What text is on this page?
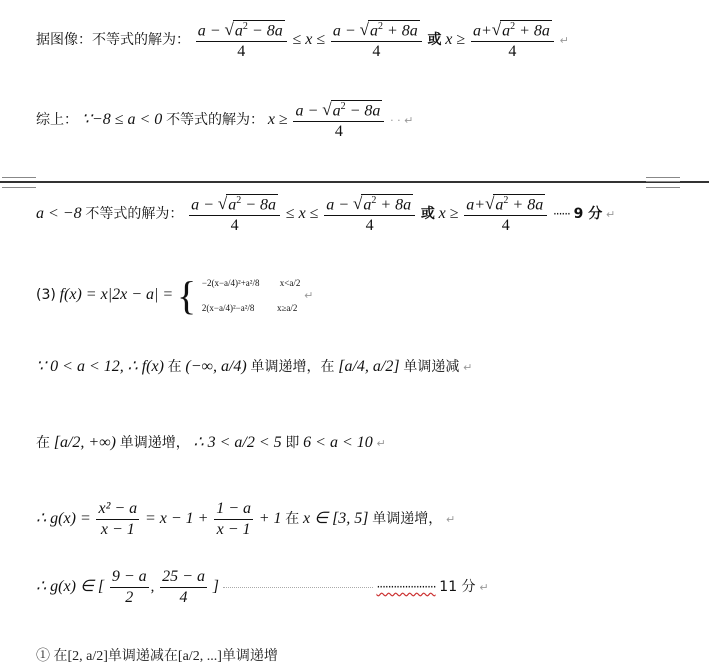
据图像：不等式的解为： $\frac{a - √a^2 - 8a}{4} \le x \le \frac{a - √a^2 + 8a}{4}$ 或 $x \ge \frac{a+√a^2 + 8a}{4}$ ↵
综上： ∵−8 ≤ a < 0 不等式的解为： $x \ge \frac{a - √a^2 - 8a}{4}$ · · ↵
a < −8 不等式的解为： $\frac{a - √a^2 - 8a}{4} \le x \le \frac{a - √a^2 + 8a}{4}$ 或 $x \ge \frac{a+√a^2 + 8a}{4}$ ······ 9 分 ↵
(3) f(x) = x|2x − a| = { −2(x−a/4)²+a²/8 x<a/2
2(x−a/4)²−a²/8	x≥a/2
↵
∵ 0 < a < 12, ∴ f(x) 在 (−∞, a/4) 单调递增，在 [a/4, a/2] 单调递减 ↵
在 [a/2, +∞) 单调递增， ∴ 3 < a/2 < 5 即 6 < a < 10 ↵
∴ $g(x) = \frac{\text{x² − a}}{x - 1} = x - 1 + \frac{1 - a}{x - 1} + 1$ 在 x ∈ [3, 5] 单调递增， ↵
∴ g(x) ∈ [ $\frac{9 - a}{2}$ , $\frac{25 - a}{4}$ ]	····················· 11 分 ↵
① 在[2, a/2]单调递减在[a/2, ...]单调递增
